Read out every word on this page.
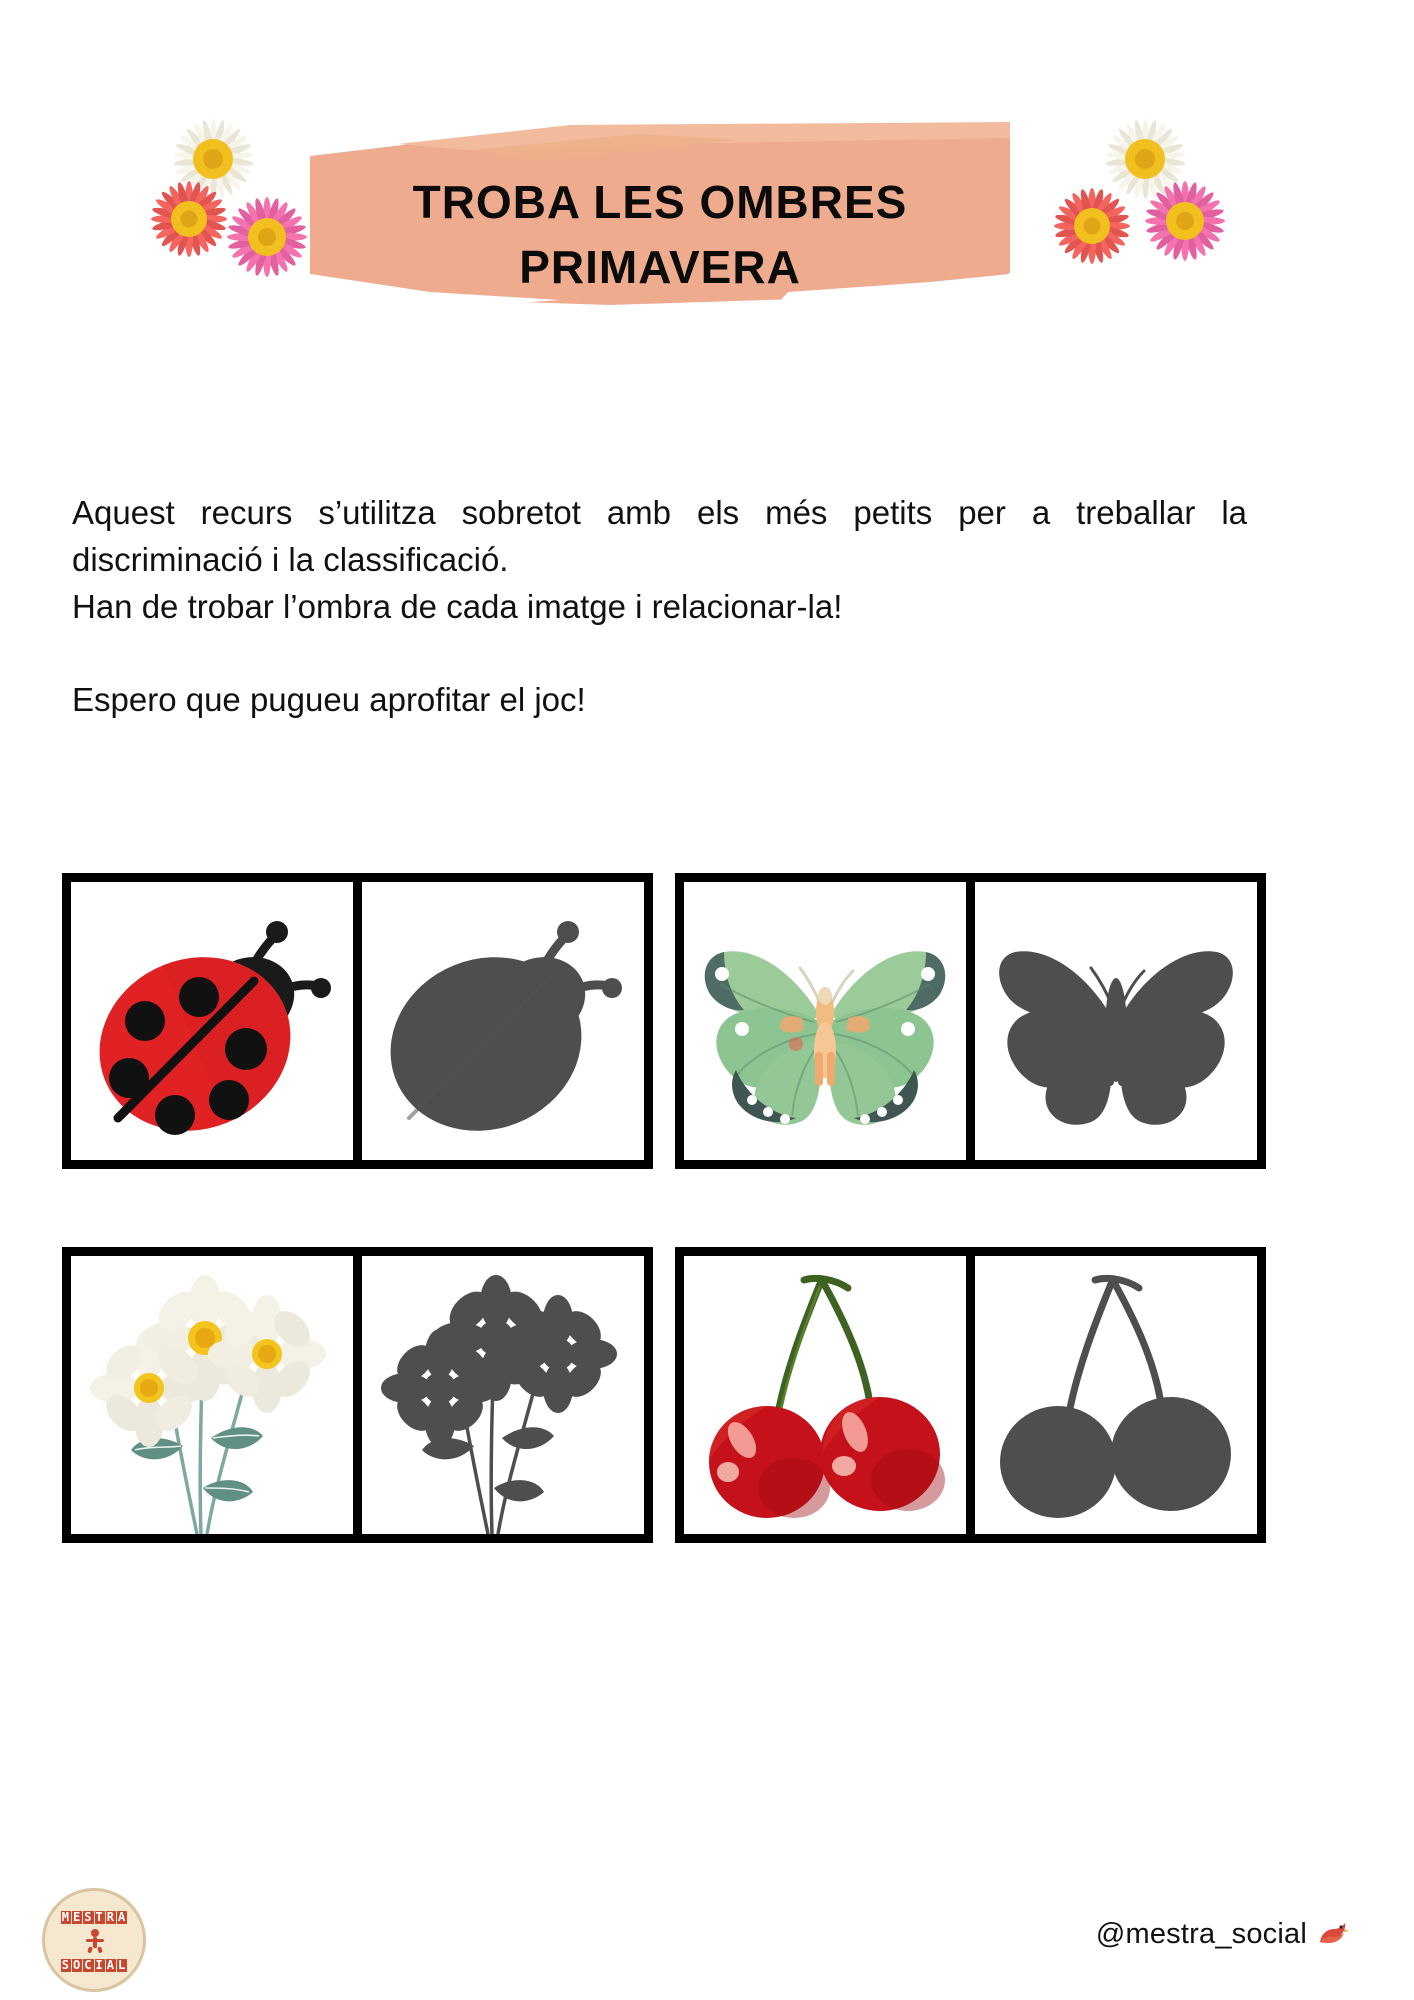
TROBA LES OMBRES
PRIMAVERA

Aquest recurs s’utilitza sobretot amb els més petits per a treballar la discriminació i la classificació.

Han de trobar l’ombra de cada imatge i relacionar-la!

Espero que pugueu aprofitar el joc!

M E S T R A
S O C I A L
@mestra_social
